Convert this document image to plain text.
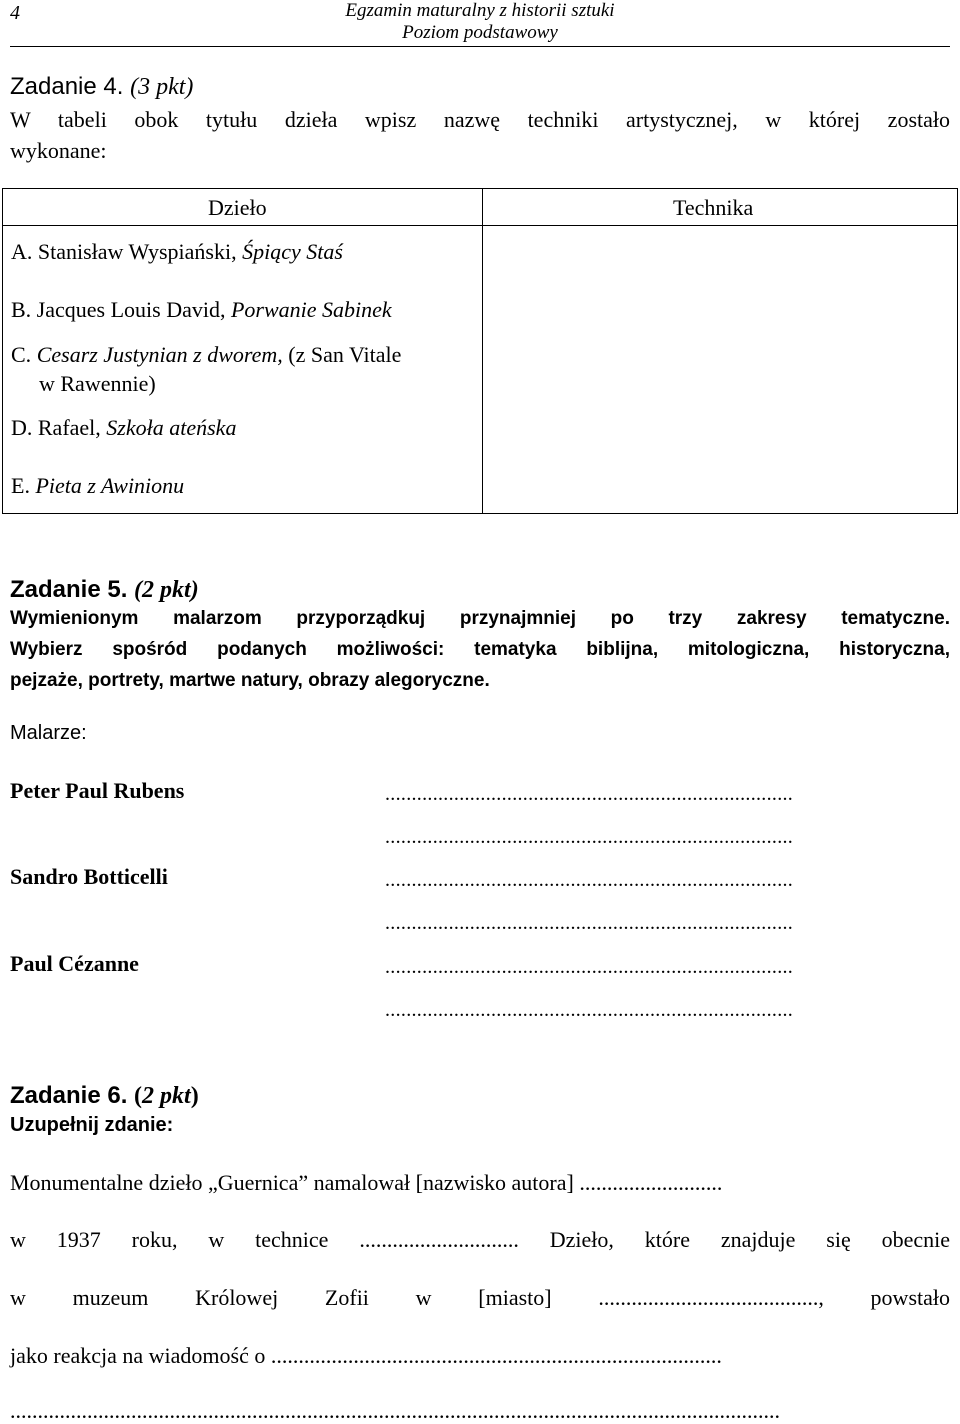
4	Egzamin maturalny z historii sztuki
Poziom podstawowy
Zadanie 4. (3 pkt)
W tabeli obok tytułu dzieła wpisz nazwę techniki artystycznej, w której zostało
wykonane:
Dzieło	Technika
A. Stanisław Wyspiański, Śpiący Staś
B. Jacques Louis David, Porwanie Sabinek
C. Cesarz Justynian z dworem, (z San Vitale
w Rawennie)
D. Rafael, Szkoła ateńska
E. Pieta z Awinionu
Zadanie 5. (2 pkt)
Wymienionym malarzom przyporządkuj przynajmniej po trzy zakresy tematyczne.
Wybierz spośród podanych możliwości: tematyka biblijna, mitologiczna, historyczna,
pejzaże, portrety, martwe natury, obrazy alegoryczne.
Malarze:
Peter Paul Rubens
Sandro Botticelli
Paul Cézanne
.............................................................................
.............................................................................
.............................................................................
.............................................................................
.............................................................................
.............................................................................
Zadanie 6. (2 pkt)
Uzupełnij zdanie:
Monumentalne dzieło „Guernica” namalował [nazwisko autora] ..........................
w 1937 roku, w technice ............................. Dzieło, które znajduje się obecnie
w muzeum Królowej Zofii w [miasto] ........................................, powstało
jako reakcja na wiadomość o ..................................................................................
............................................................................................................................................
